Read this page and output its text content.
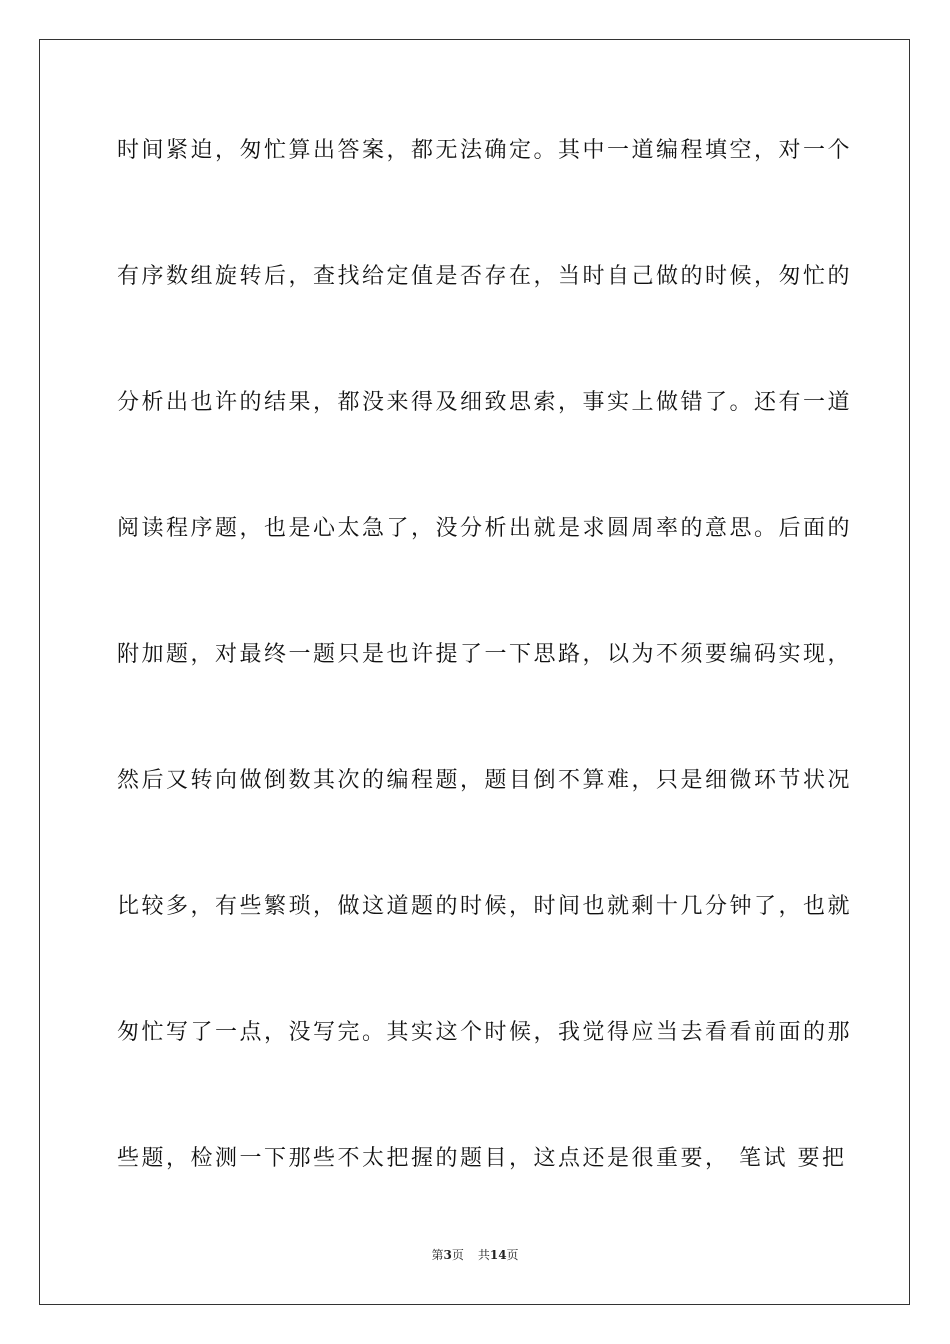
时间紧迫，匆忙算出答案，都无法确定。其中一道编程填空，对一个
有序数组旋转后，查找给定值是否存在，当时自己做的时候，匆忙的
分析出也许的结果，都没来得及细致思索，事实上做错了。还有一道
阅读程序题，也是心太急了，没分析出就是求圆周率的意思。后面的
附加题，对最终一题只是也许提了一下思路，以为不须要编码实现，
然后又转向做倒数其次的编程题，题目倒不算难，只是细微环节状况
比较多，有些繁琐，做这道题的时候，时间也就剩十几分钟了，也就
匆忙写了一点，没写完。其实这个时候，我觉得应当去看看前面的那
些题，检测一下那些不太把握的题目，这点还是很重要， 笔试 要把
第3页 共14页
